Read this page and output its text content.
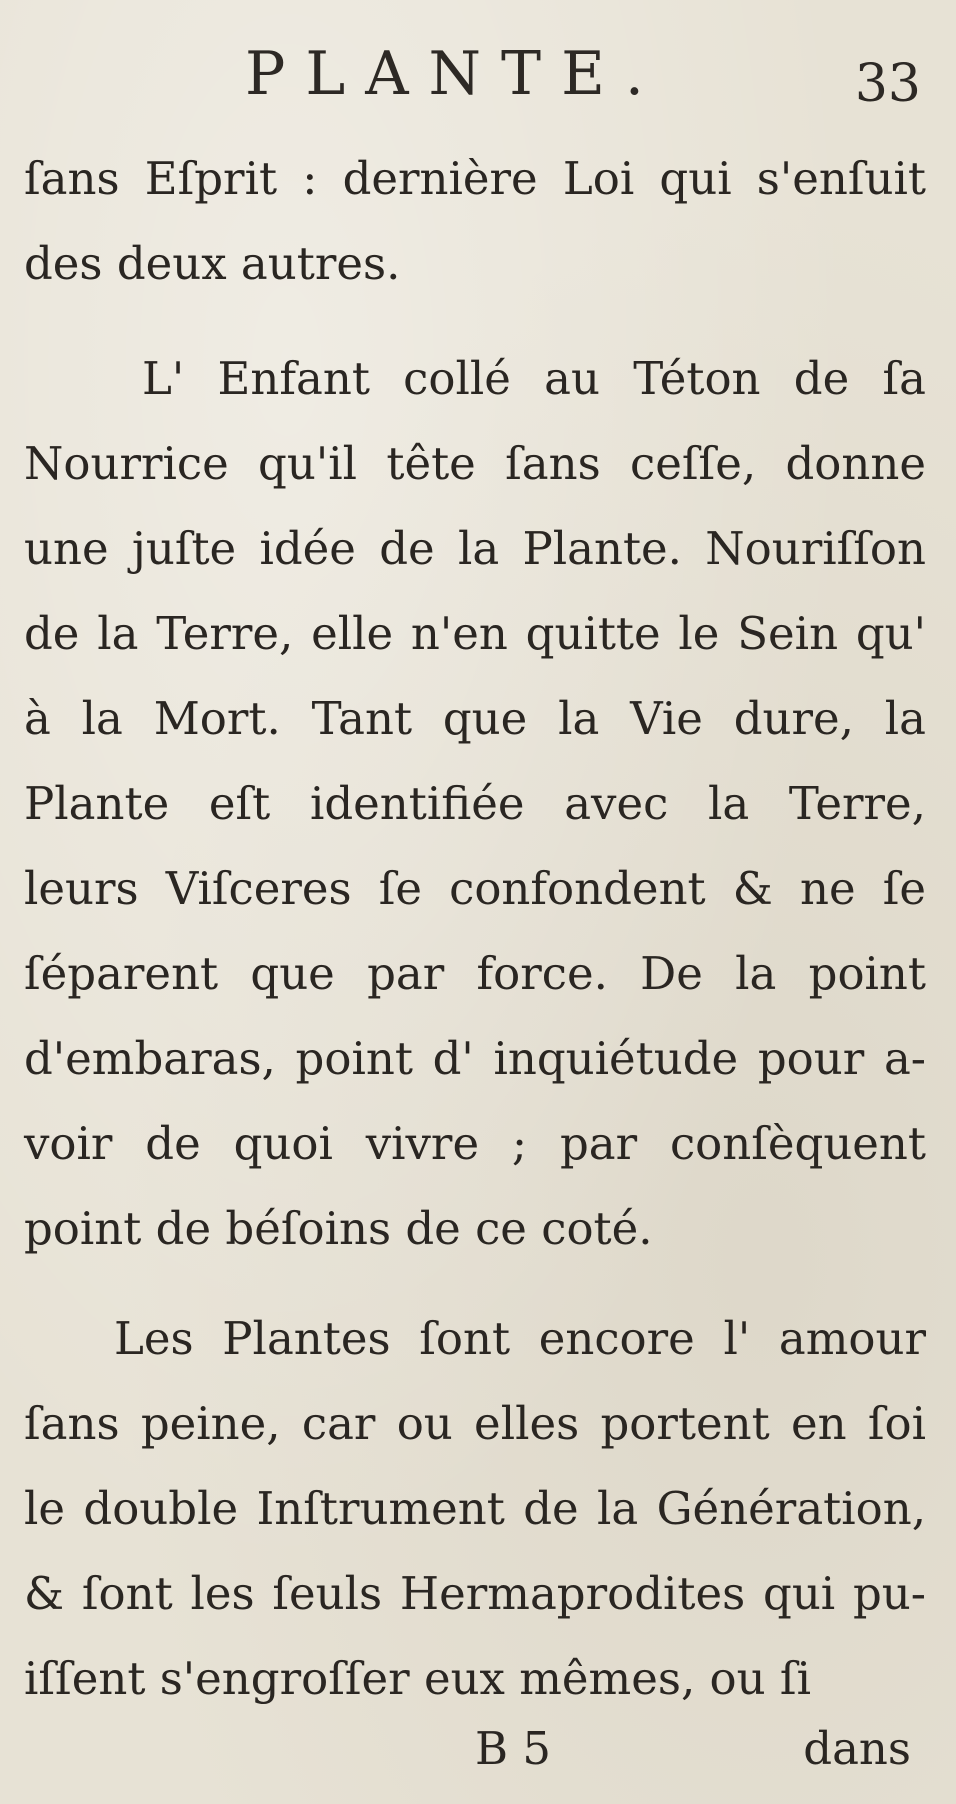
PLANTE.	33

ſans Eſprit : dernière Loi qui s'enſuit des deux autres.

L' Enfant collé au Téton de ſa Nourrice qu'il tête ſans ceſſe, donne une juſte idée de la Plante. Nouriſſon de la Terre, elle n'en quitte le Sein qu' à la Mort. Tant que la Vie dure, la Plante eſt identifiée avec la Terre, leurs Viſceres ſe confondent & ne ſe ſéparent que par force. De la point d'embaras, point d' inquiétude pour a-voir de quoi vivre ; par conſèquent point de béſoins de ce coté.

Les Plantes ſont encore l' amour ſans peine, car ou elles portent en ſoi le double Inſtrument de la Génération, & ſont les ſeuls Hermaprodites qui pu-iſſent s'engroſſer eux mêmes, ou ſi

B 5	dans
